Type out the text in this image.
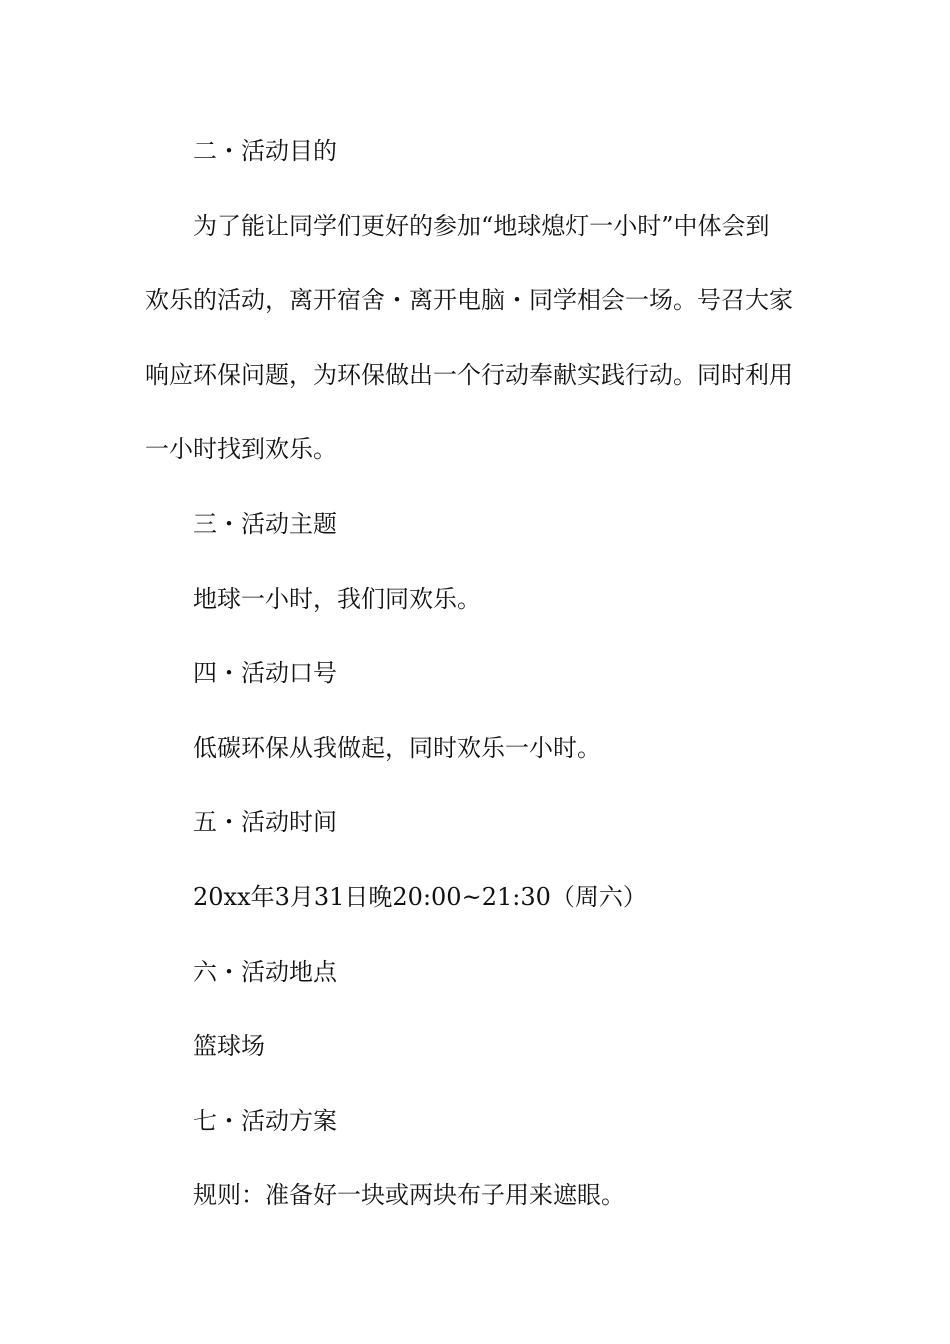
二・活动目的

为了能让同学们更好的参加“地球熄灯一小时”中体会到

欢乐的活动，离开宿舍・离开电脑・同学相会一场。号召大家

响应环保问题，为环保做出一个行动奉献实践行动。同时利用

一小时找到欢乐。

三・活动主题

地球一小时，我们同欢乐。

四・活动口号

低碳环保从我做起，同时欢乐一小时。

五・活动时间

20xx年3月31日晚20:00~21:30（周六）

六・活动地点

篮球场

七・活动方案

规则：准备好一块或两块布子用来遮眼。
